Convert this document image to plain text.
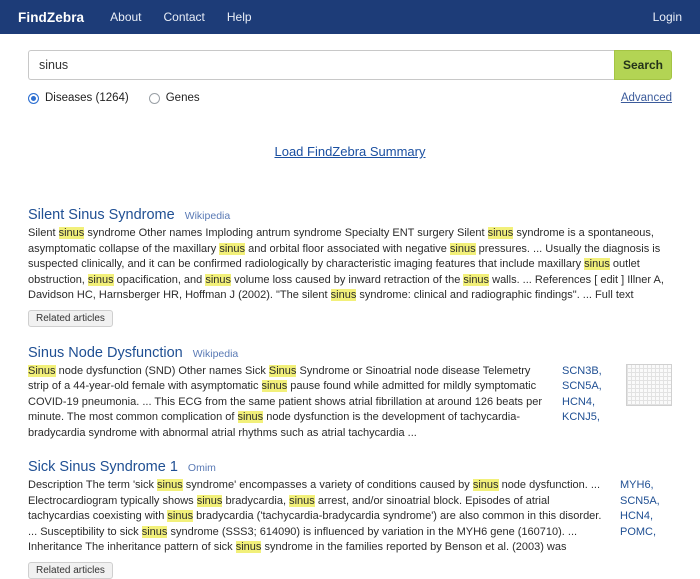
FindZebra About Contact Help	Login
sinus
Search
Diseases (1264)	Genes	Advanced
Load FindZebra Summary
Silent Sinus Syndrome Wikipedia
Silent sinus syndrome Other names Imploding antrum syndrome Specialty ENT surgery Silent sinus syndrome is a spontaneous, asymptomatic collapse of the maxillary sinus and orbital floor associated with negative sinus pressures. ... Usually the diagnosis is suspected clinically, and it can be confirmed radiologically by characteristic imaging features that include maxillary sinus outlet obstruction, sinus opacification, and sinus volume loss caused by inward retraction of the sinus walls. ... References [ edit ] Illner A, Davidson HC, Harnsberger HR, Hoffman J (2002). "The silent sinus syndrome: clinical and radiographic findings". ... Full text
Related articles
Sinus Node Dysfunction Wikipedia
Sinus node dysfunction (SND) Other names Sick Sinus Syndrome or Sinoatrial node disease Telemetry strip of a 44-year-old female with asymptomatic sinus pause found while admitted for mildly symptomatic COVID-19 pneumonia. ... This ECG from the same patient shows atrial fibrillation at around 126 beats per minute. The most common complication of sinus node dysfunction is the development of tachycardia-bradycardia syndrome with abnormal atrial rhythms such as atrial tachycardia ...
SCN3B,
SCN5A,
HCN4,
KCNJ5,
Sick Sinus Syndrome 1 Omim
Description The term 'sick sinus syndrome' encompasses a variety of conditions caused by sinus node dysfunction. ... Electrocardiogram typically shows sinus bradycardia, sinus arrest, and/or sinoatrial block. Episodes of atrial tachycardias coexisting with sinus bradycardia ('tachycardia-bradycardia syndrome') are also common in this disorder. ... Susceptibility to sick sinus syndrome (SSS3; 614090) is influenced by variation in the MYH6 gene (160710). ... Inheritance The inheritance pattern of sick sinus syndrome in the families reported by Benson et al. (2003) was
MYH6,
SCN5A,
HCN4,
POMC,
Related articles
